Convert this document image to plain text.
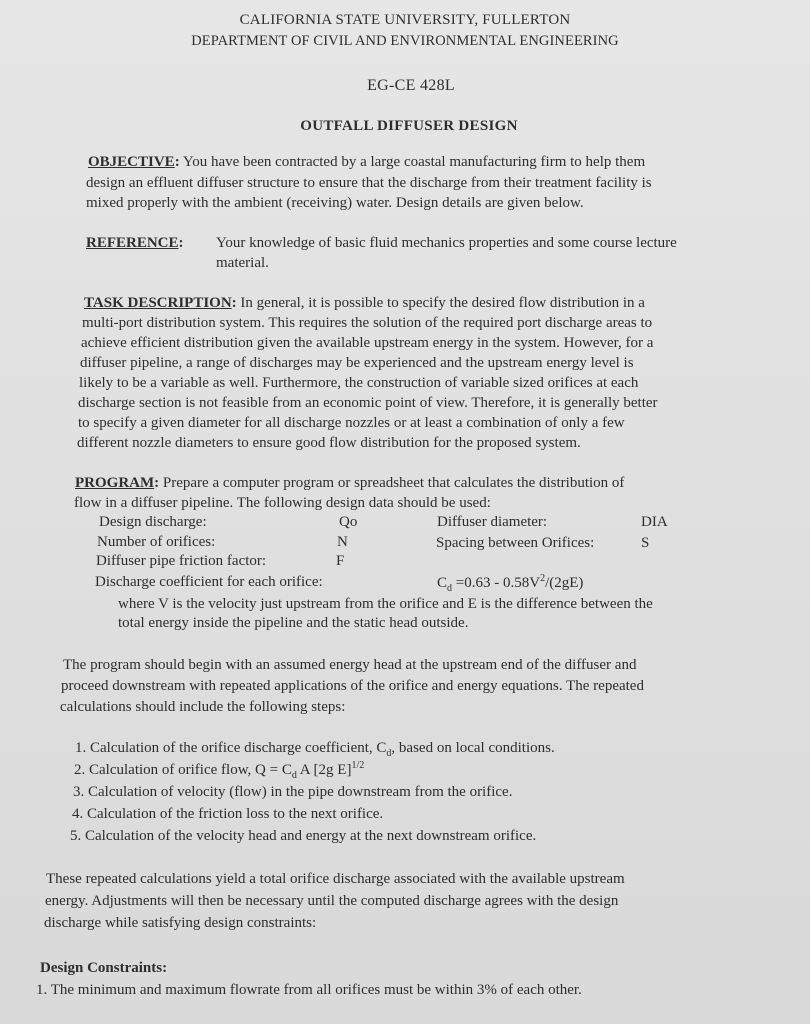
CALIFORNIA STATE UNIVERSITY, FULLERTON
DEPARTMENT OF CIVIL AND ENVIRONMENTAL ENGINEERING
EG-CE 428L
OUTFALL DIFFUSER DESIGN
OBJECTIVE: You have been contracted by a large coastal manufacturing firm to help them
design an effluent diffuser structure to ensure that the discharge from their treatment facility is
mixed properly with the ambient (receiving) water. Design details are given below.
REFERENCE: Your knowledge of basic fluid mechanics properties and some course lecture
material.
TASK DESCRIPTION: In general, it is possible to specify the desired flow distribution in a
multi-port distribution system. This requires the solution of the required port discharge areas to
achieve efficient distribution given the available upstream energy in the system. However, for a
diffuser pipeline, a range of discharges may be experienced and the upstream energy level is
likely to be a variable as well. Furthermore, the construction of variable sized orifices at each
discharge section is not feasible from an economic point of view. Therefore, it is generally better
to specify a given diameter for all discharge nozzles or at least a combination of only a few
different nozzle diameters to ensure good flow distribution for the proposed system.
PROGRAM: Prepare a computer program or spreadsheet that calculates the distribution of
flow in a diffuser pipeline. The following design data should be used:
Design discharge:	Qo	Diffuser diameter:	DIA
Number of orifices:	N	Spacing between Orifices:	S
Diffuser pipe friction factor:	F
Discharge coefficient for each orifice:	$C_d =0.63 - 0.58V^2/(2gE)$
where V is the velocity just upstream from the orifice and E is the difference between the
total energy inside the pipeline and the static head outside.
The program should begin with an assumed energy head at the upstream end of the diffuser and
proceed downstream with repeated applications of the orifice and energy equations. The repeated
calculations should include the following steps:
1. Calculation of the orifice discharge coefficient, $C_d$, based on local conditions.
2. Calculation of orifice flow, $Q = C_d$ A [2g E]$^{1/2}$
3. Calculation of velocity (flow) in the pipe downstream from the orifice.
4. Calculation of the friction loss to the next orifice.
5. Calculation of the velocity head and energy at the next downstream orifice.
These repeated calculations yield a total orifice discharge associated with the available upstream
energy. Adjustments will then be necessary until the computed discharge agrees with the design
discharge while satisfying design constraints:
Design Constraints:
1. The minimum and maximum flowrate from all orifices must be within 3% of each other.
